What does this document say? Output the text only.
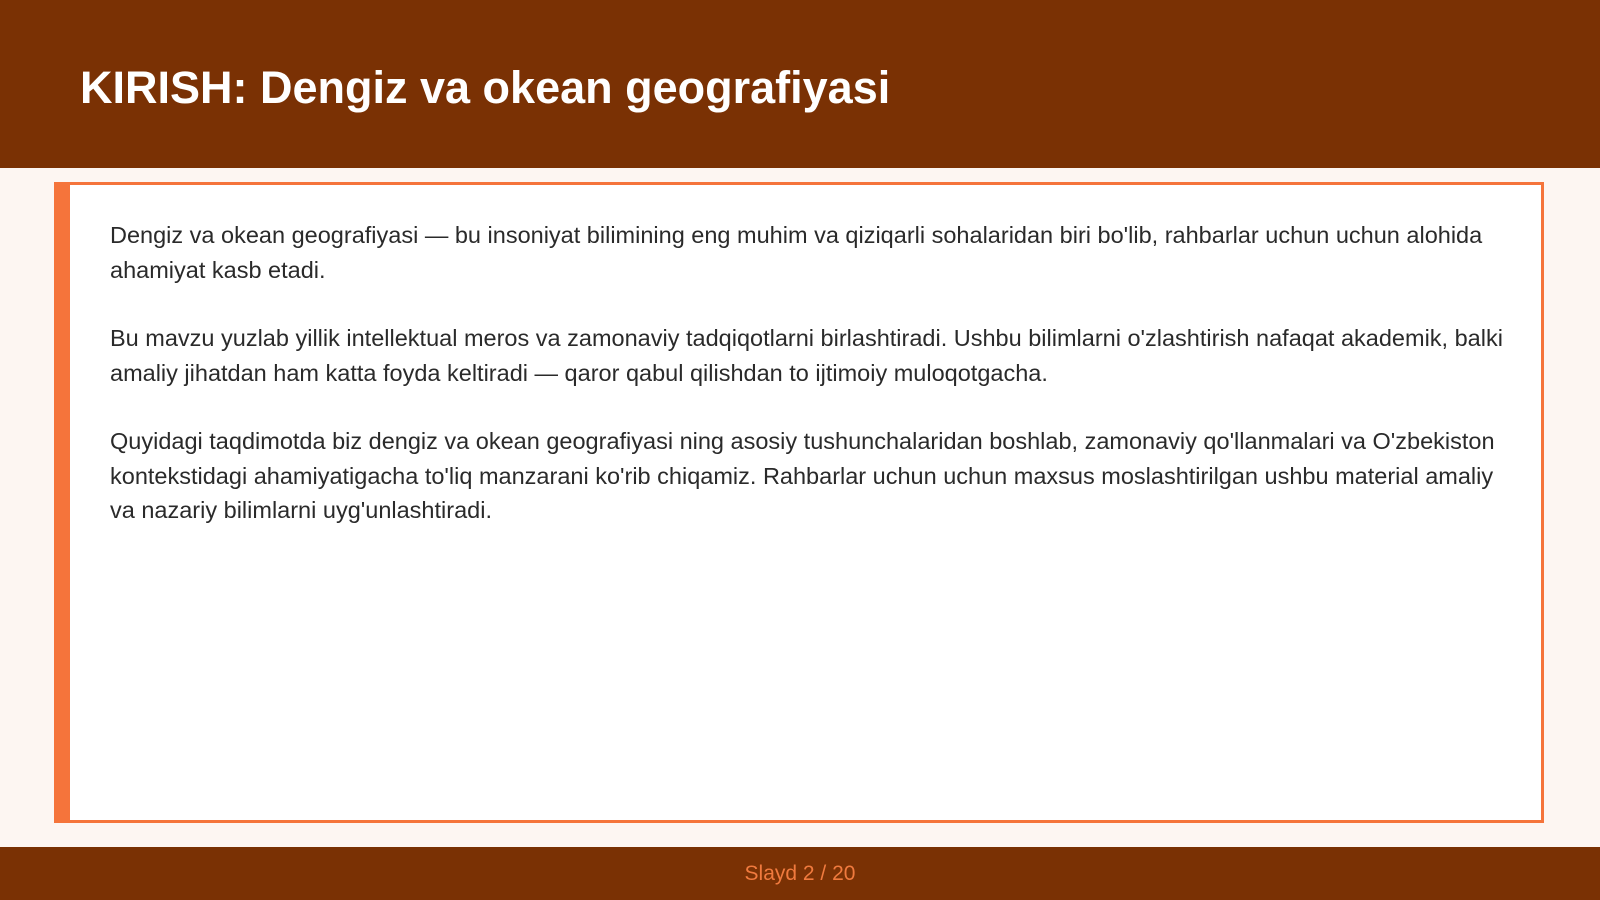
KIRISH: Dengiz va okean geografiyasi

Dengiz va okean geografiyasi — bu insoniyat bilimining eng muhim va qiziqarli sohalaridan biri bo'lib, rahbarlar uchun uchun alohida ahamiyat kasb etadi.

Bu mavzu yuzlab yillik intellektual meros va zamonaviy tadqiqotlarni birlashtiradi. Ushbu bilimlarni o'zlashtirish nafaqat akademik, balki amaliy jihatdan ham katta foyda keltiradi — qaror qabul qilishdan to ijtimoiy muloqotgacha.

Quyidagi taqdimotda biz dengiz va okean geografiyasi ning asosiy tushunchalaridan boshlab, zamonaviy qo'llanmalari va O'zbekiston kontekstidagi ahamiyatigacha to'liq manzarani ko'rib chiqamiz. Rahbarlar uchun uchun maxsus moslashtirilgan ushbu material amaliy va nazariy bilimlarni uyg'unlashtiradi.

Slayd 2 / 20
